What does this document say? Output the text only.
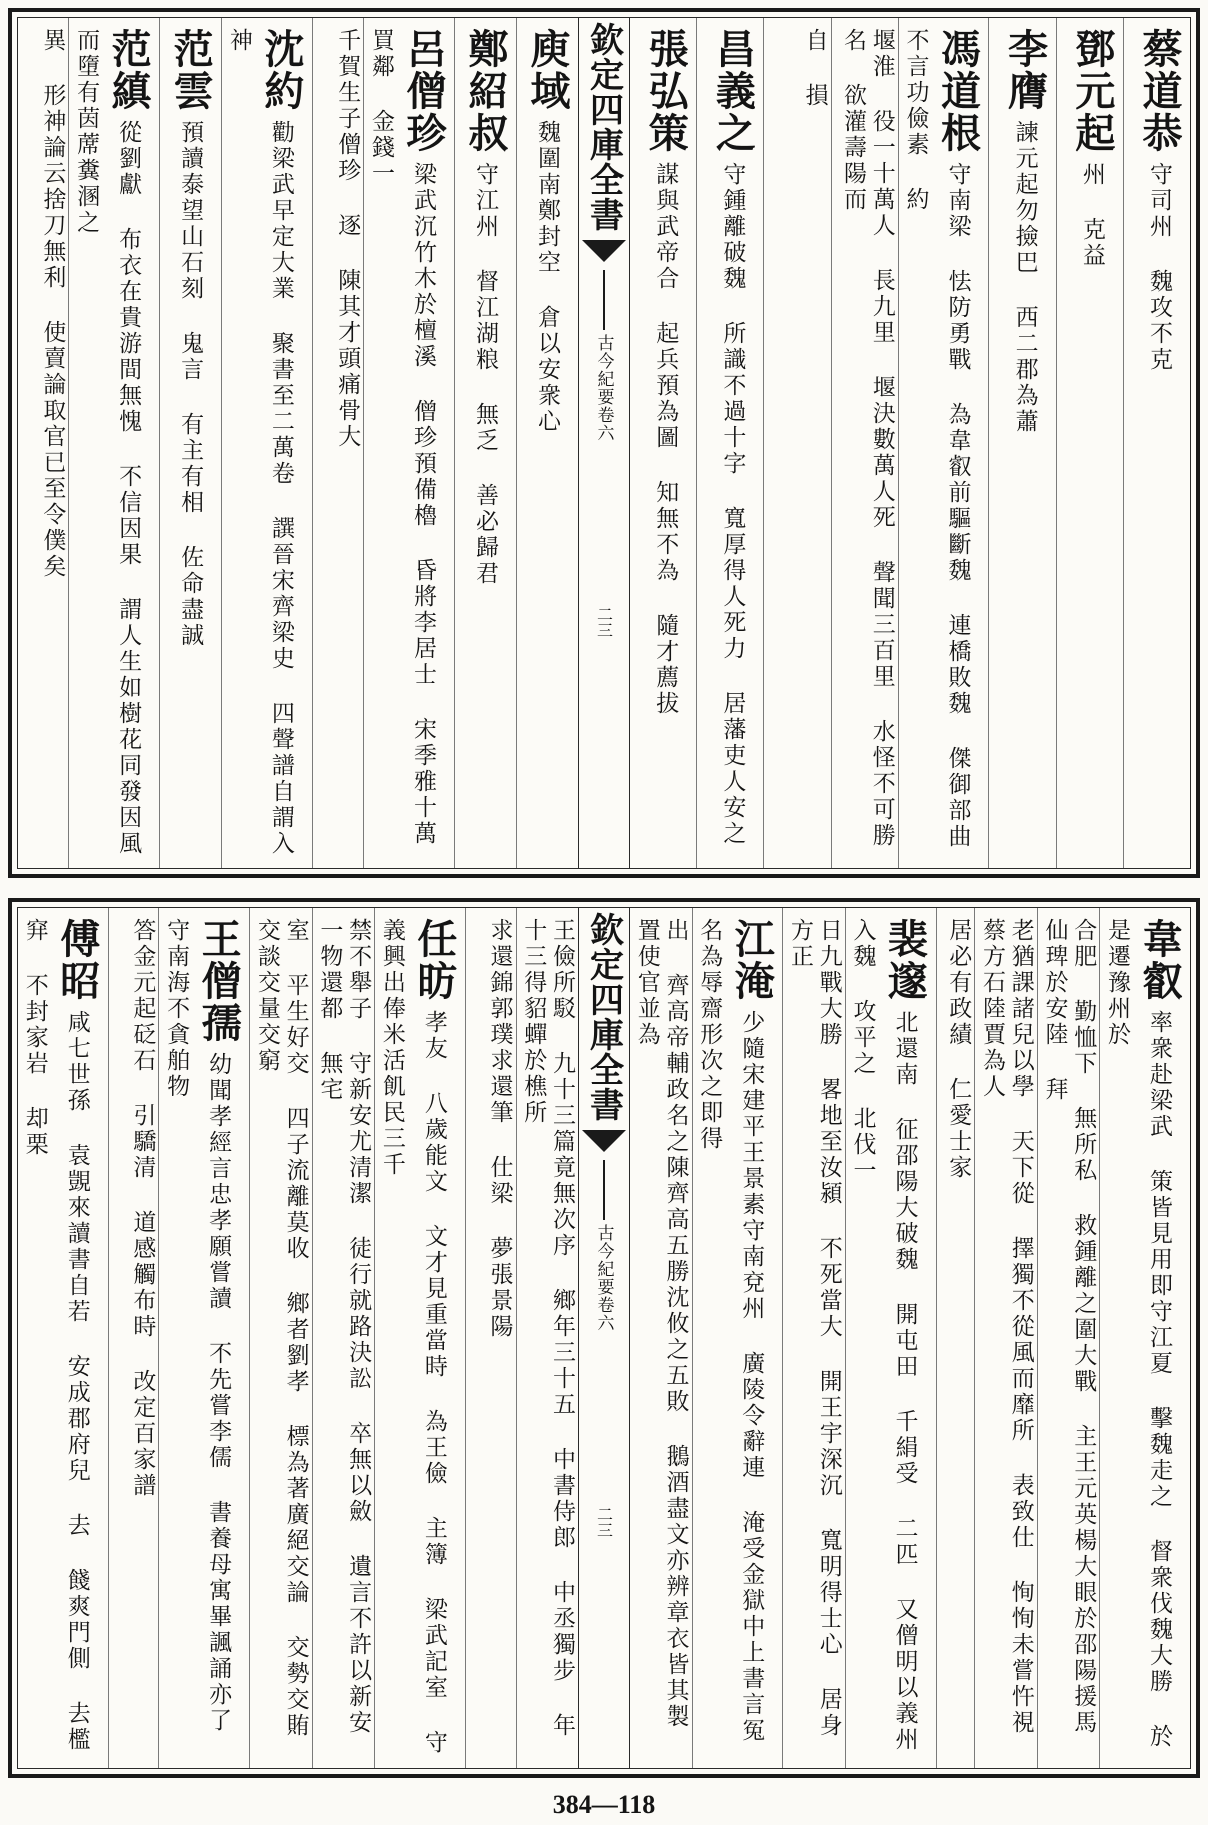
蔡道恭守司州 魏攻不克
鄧元起州 克益
李膺諫元起勿撿巴 西二郡為蕭
馮道根守南梁 怯防勇戰 為韋叡前驅斷魏 連橋敗魏 傑御部曲 不言功儉素 約
堰淮 役一十萬人 長九里 堰決數萬人死 聲聞三百里 水怪不可勝名 欲灌壽陽而
自 損
昌義之守鍾離破魏 所識不過十字 寬厚得人死力 居藩吏人安之
張弘策謀與武帝合 起兵預為圖 知無不為 隨才薦拔
欽定四庫全書
古今紀要
卷六
二三
庾域魏圍南鄭封空 倉以安衆心
鄭紹叔守江州 督江湖粮 無乏 善必歸君
呂僧珍梁武沉竹木於檀溪 僧珍預備櫓 昏將李居士 宋季雅十萬買鄰 金錢一
千賀生子僧珍 逐 陳其才頭痛骨大
沈約勸梁武早定大業 聚書至二萬卷 譔晉宋齊梁史 四聲譜自謂入神
范雲預讀泰望山石刻 鬼言 有主有相 佐命盡誠
范縝從劉獻 布衣在貴游間無愧 不信因果 謂人生如樹花同發因風而墮有茵蓆糞溷之
異 形神論云捨刀無利 使賣論取官已至令僕矣
韋叡率衆赴梁武 策皆見用即守江夏 擊魏走之 督衆伐魏大勝 於是遷豫州於
合肥 勤恤下 無所私 救鍾離之圍大戰 主王元英楊大眼於邵陽援馬仙琕於安陸 拜
老猶課諸兒以學 天下從 擇獨不從風而靡所 表致仕 恂恂未嘗忤視 蔡方石陸賈為人
居必有政績 仁愛士家
裴邃北還南 征邵陽大破魏 開屯田 千絹受 二匹 又僧明以義州入魏 攻平之 北伐一
日九戰大勝 畧地至汝潁 不死當大 開王宇深沉 寬明得士心 居身方正
江淹少隨宋建平王景素守南兗州 廣陵令辭連 淹受金獄中上書言冤名為辱齋形次之即得
出 齊高帝輔政名之陳齊高五勝沈攸之五敗 鵝酒盡文亦辨章衣皆其製 置使官並為
欽定四庫全書
古今紀要
卷六
二三
王儉所駁 九十三篇竟無次序 鄉年三十五 中書侍郎 中丞獨步 年十三得貂蟬於樵所
求還錦郭璞求還筆 仕梁 夢張景陽
任昉孝友 八歲能文 文才見重當時 為王儉 主簿 梁武記室 守義興出俸米活飢民三千
禁不舉子 守新安尤清潔 徒行就路決訟 卒無以斂 遺言不許以新安一物還都 無宅
室 平生好交 四子流離莫收 鄉者劉孝 標為著廣絕交論 交勢交賄交談交量交窮
王僧孺幼聞孝經言忠孝願嘗讀 不先嘗李儒 書養母寓畢諷誦亦了 守南海不貪舶物
答金元起砭石 引驕清 道感觸布時 改定百家譜
傅昭咸七世孫 袁覬來讀書自若 安成郡府兒 去 餞爽門側 去檻穽 不封家岩 却栗
384—118
